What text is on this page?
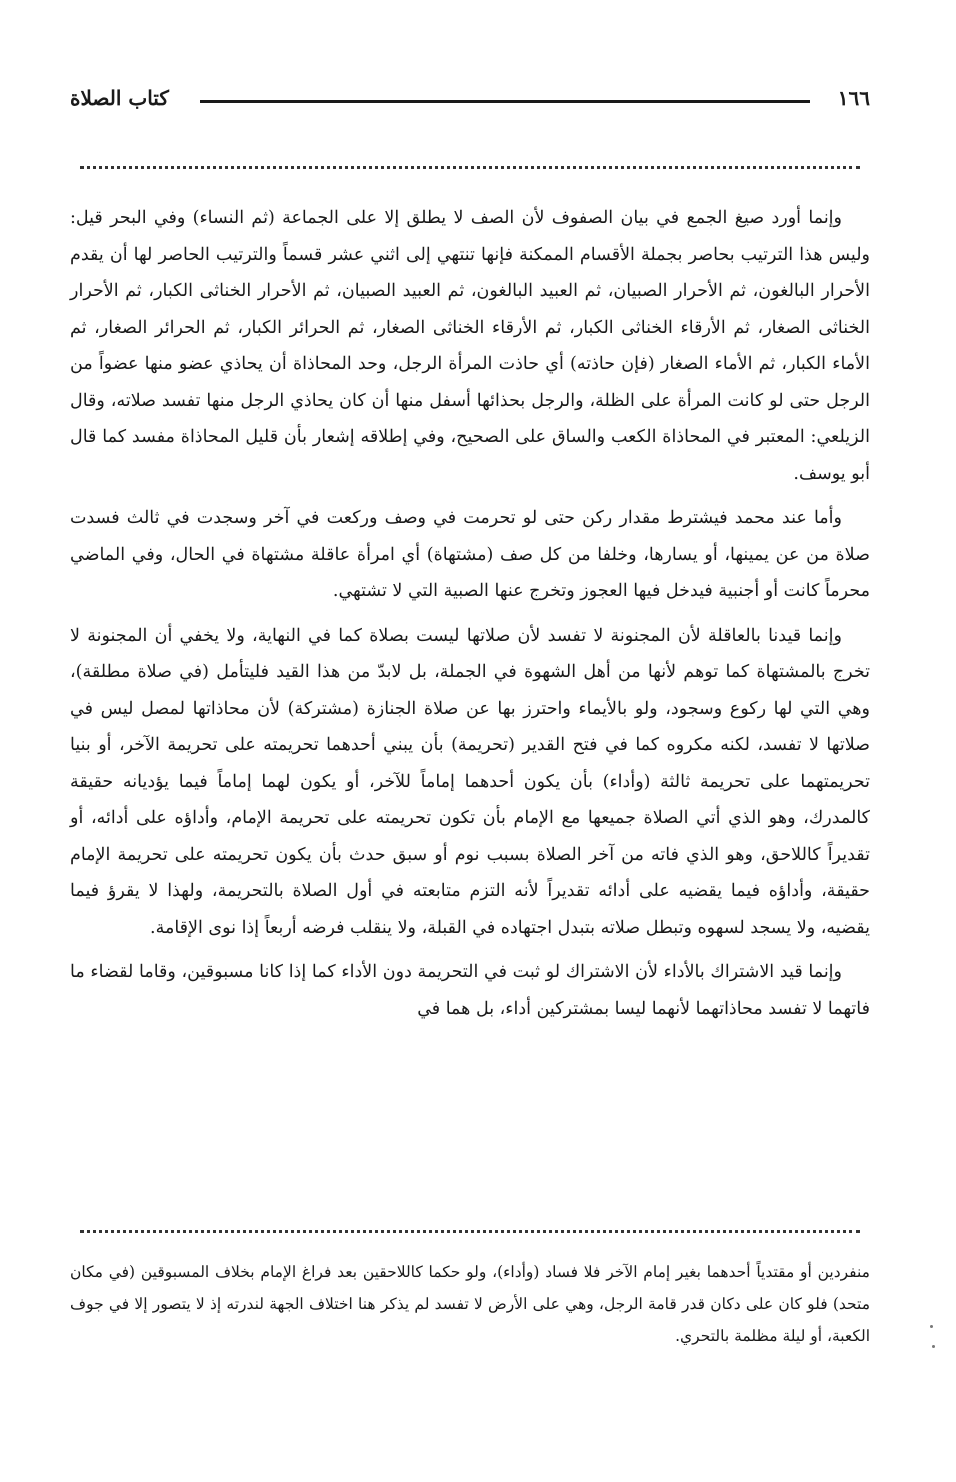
١٦٦
كتاب الصلاة

وإنما أورد صيغ الجمع في بيان الصفوف لأن الصف لا يطلق إلا على الجماعة (ثم النساء) وفي البحر قيل: وليس هذا الترتيب بحاصر بجملة الأقسام الممكنة فإنها تنتهي إلى اثني عشر قسماً والترتيب الحاصر لها أن يقدم الأحرار البالغون، ثم الأحرار الصبيان، ثم العبيد البالغون، ثم العبيد الصبيان، ثم الأحرار الخناثى الكبار، ثم الأحرار الخناثى الصغار، ثم الأرقاء الخناثى الكبار، ثم الأرقاء الخناثى الصغار، ثم الحرائر الكبار، ثم الحرائر الصغار، ثم الأماء الكبار، ثم الأماء الصغار (فإن حاذته) أي حاذت المرأة الرجل، وحد المحاذاة أن يحاذي عضو منها عضواً من الرجل حتى لو كانت المرأة على الظلة، والرجل بحذائها أسفل منها أن كان يحاذي الرجل منها تفسد صلاته، وقال الزيلعي: المعتبر في المحاذاة الكعب والساق على الصحيح، وفي إطلاقه إشعار بأن قليل المحاذاة مفسد كما قال أبو يوسف.

وأما عند محمد فيشترط مقدار ركن حتى لو تحرمت في وصف وركعت في آخر وسجدت في ثالث فسدت صلاة من عن يمينها، أو يسارها، وخلفا من كل صف (مشتهاة) أي امرأة عاقلة مشتهاة في الحال، وفي الماضي محرماً كانت أو أجنبية فيدخل فيها العجوز وتخرج عنها الصبية التي لا تشتهي.

وإنما قيدنا بالعاقلة لأن المجنونة لا تفسد لأن صلاتها ليست بصلاة كما في النهاية، ولا يخفي أن المجنونة لا تخرج بالمشتهاة كما توهم لأنها من أهل الشهوة في الجملة، بل لابدّ من هذا القيد فليتأمل (في صلاة مطلقة)، وهي التي لها ركوع وسجود، ولو بالأيماء واحترز بها عن صلاة الجنازة (مشتركة) لأن محاذاتها لمصل ليس في صلاتها لا تفسد، لكنه مكروه كما في فتح القدير (تحريمة) بأن يبني أحدهما تحريمته على تحريمة الآخر، أو بنيا تحريمتهما على تحريمة ثالثة (وأداء) بأن يكون أحدهما إماماً للآخر، أو يكون لهما إماماً فيما يؤديانه حقيقة كالمدرك، وهو الذي أتي الصلاة جميعها مع الإمام بأن تكون تحريمته على تحريمة الإمام، وأداؤه على أدائه، أو تقديراً كاللاحق، وهو الذي فاته من آخر الصلاة بسبب نوم أو سبق حدث بأن يكون تحريمته على تحريمة الإمام حقيقة، وأداؤه فيما يقضيه على أدائه تقديراً لأنه التزم متابعته في أول الصلاة بالتحريمة، ولهذا لا يقرؤ فيما يقضيه، ولا يسجد لسهوه وتبطل صلاته بتبدل اجتهاده في القبلة، ولا ينقلب فرضه أربعاً إذا نوى الإقامة.

وإنما قيد الاشتراك بالأداء لأن الاشتراك لو ثبت في التحريمة دون الأداء كما إذا كانا مسبوقين، وقاما لقضاء ما فاتهما لا تفسد محاذاتهما لأنهما ليسا بمشتركين أداء، بل هما في

منفردين أو مقتدياً أحدهما بغير إمام الآخر فلا فساد (وأداء)، ولو حكما كاللاحقين بعد فراغ الإمام بخلاف المسبوقين (في مكان متحد) فلو كان على دكان قدر قامة الرجل، وهي على الأرض لا تفسد لم يذكر هنا اختلاف الجهة لندرته إذ لا يتصور إلا في جوف الكعبة، أو ليلة مظلمة بالتحري.
